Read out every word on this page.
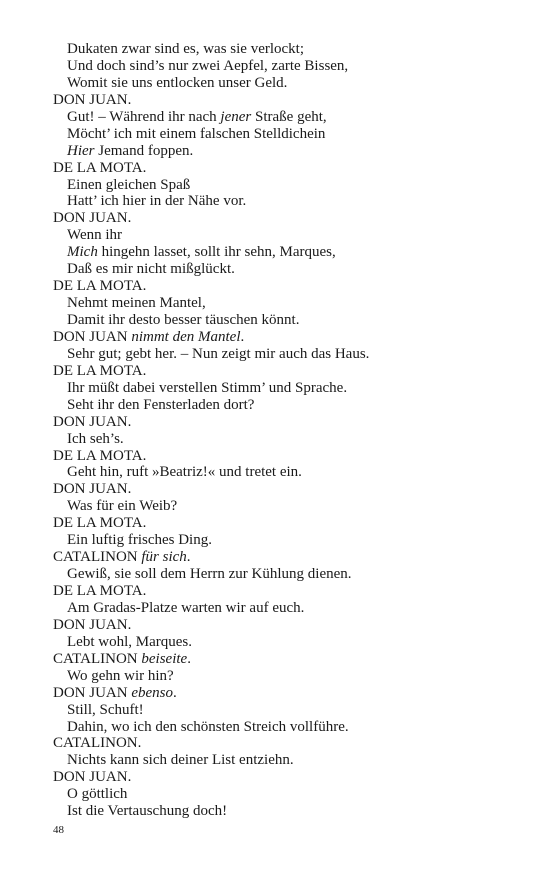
Dukaten zwar sind es, was sie verlockt;
Und doch sind’s nur zwei Aepfel, zarte Bissen,
Womit sie uns entlocken unser Geld.
DON JUAN.
Gut! – Während ihr nach jener Straße geht,
Möcht’ ich mit einem falschen Stelldichein
Hier Jemand foppen.
DE LA MOTA.
Einen gleichen Spaß
Hatt’ ich hier in der Nähe vor.
DON JUAN.
Wenn ihr
Mich hingehn lasset, sollt ihr sehn, Marques,
Daß es mir nicht mißglückt.
DE LA MOTA.
Nehmt meinen Mantel,
Damit ihr desto besser täuschen könnt.
DON JUAN nimmt den Mantel.
Sehr gut; gebt her. – Nun zeigt mir auch das Haus.
DE LA MOTA.
Ihr müßt dabei verstellen Stimm’ und Sprache.
Seht ihr den Fensterladen dort?
DON JUAN.
Ich seh’s.
DE LA MOTA.
Geht hin, ruft »Beatriz!« und tretet ein.
DON JUAN.
Was für ein Weib?
DE LA MOTA.
Ein luftig frisches Ding.
CATALINON für sich.
Gewiß, sie soll dem Herrn zur Kühlung dienen.
DE LA MOTA.
Am Gradas-Platze warten wir auf euch.
DON JUAN.
Lebt wohl, Marques.
CATALINON beiseite.
Wo gehn wir hin?
DON JUAN ebenso.
Still, Schuft!
Dahin, wo ich den schönsten Streich vollführe.
CATALINON.
Nichts kann sich deiner List entziehn.
DON JUAN.
O göttlich
Ist die Vertauschung doch!
48
